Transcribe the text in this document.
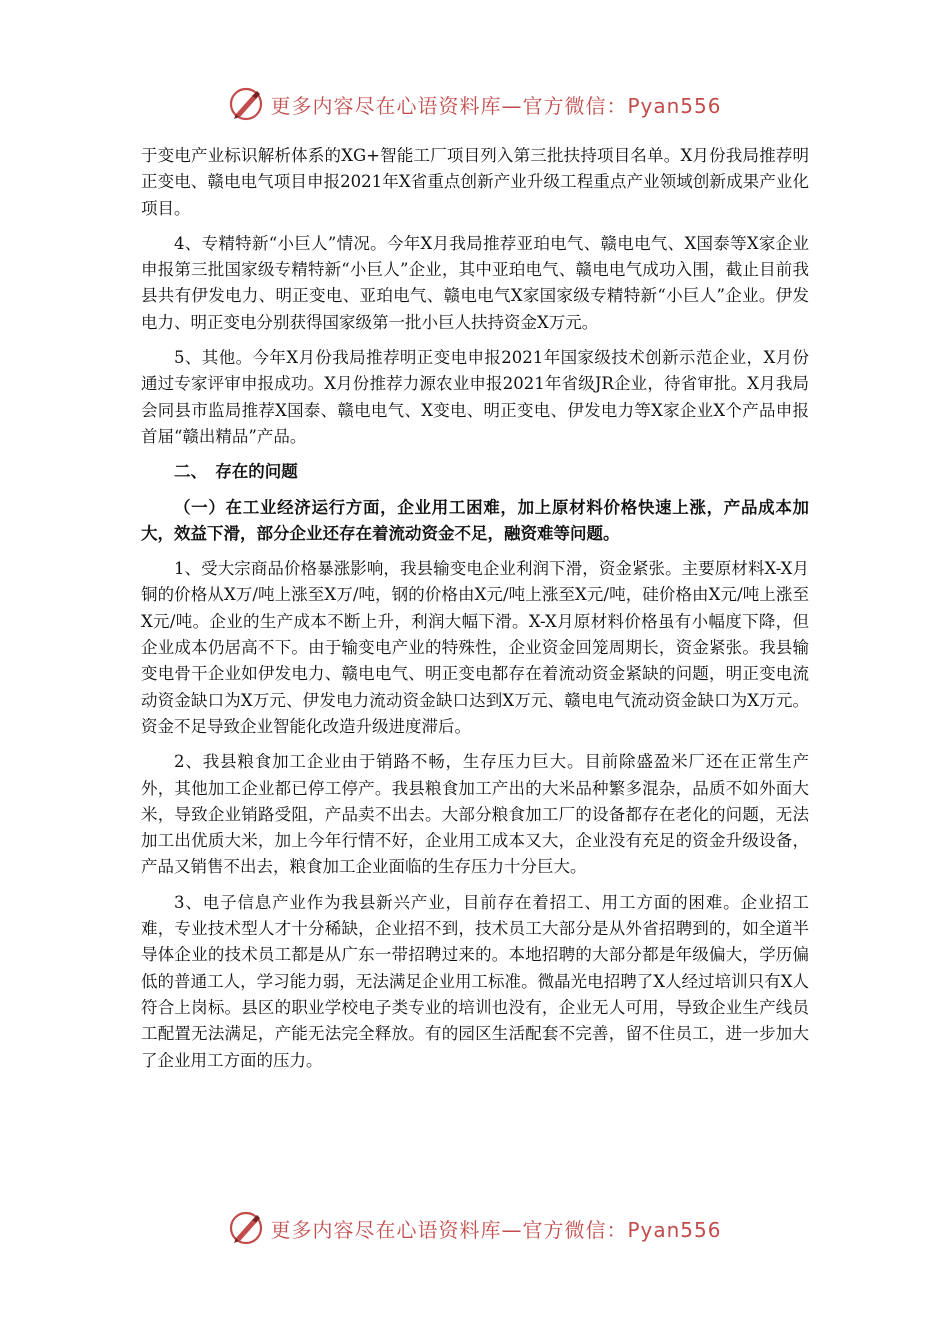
更多内容尽在心语资料库—官方微信：Pyan556

于变电产业标识解析体系的XG+智能工厂项目列入第三批扶持项目名单。X月份我局推荐明正变电、赣电电气项目申报2021年X省重点创新产业升级工程重点产业领域创新成果产业化项目。

4、专精特新“小巨人”情况。今年X月我局推荐亚珀电气、赣电电气、X国泰等X家企业申报第三批国家级专精特新“小巨人”企业，其中亚珀电气、赣电电气成功入围，截止目前我县共有伊发电力、明正变电、亚珀电气、赣电电气X家国家级专精特新“小巨人”企业。伊发电力、明正变电分别获得国家级第一批小巨人扶持资金X万元。

5、其他。今年X月份我局推荐明正变电申报2021年国家级技术创新示范企业，X月份通过专家评审申报成功。X月份推荐力源农业申报2021年省级JR企业，待省审批。X月我局会同县市监局推荐X国泰、赣电电气、X变电、明正变电、伊发电力等X家企业X个产品申报首届“赣出精品”产品。

二、　存在的问题

（一）在工业经济运行方面，企业用工困难，加上原材料价格快速上涨，产品成本加大，效益下滑，部分企业还存在着流动资金不足，融资难等问题。

1、受大宗商品价格暴涨影响，我县输变电企业利润下滑，资金紧张。主要原材料X-X月铜的价格从X万/吨上涨至X万/吨，钢的价格由X元/吨上涨至X元/吨，硅价格由X元/吨上涨至X元/吨。企业的生产成本不断上升，利润大幅下滑。X-X月原材料价格虽有小幅度下降，但企业成本仍居高不下。由于输变电产业的特殊性，企业资金回笼周期长，资金紧张。我县输变电骨干企业如伊发电力、赣电电气、明正变电都存在着流动资金紧缺的问题，明正变电流动资金缺口为X万元、伊发电力流动资金缺口达到X万元、赣电电气流动资金缺口为X万元。资金不足导致企业智能化改造升级进度滞后。

2、我县粮食加工企业由于销路不畅，生存压力巨大。目前除盛盈米厂还在正常生产外，其他加工企业都已停工停产。我县粮食加工产出的大米品种繁多混杂，品质不如外面大米，导致企业销路受阻，产品卖不出去。大部分粮食加工厂的设备都存在老化的问题，无法加工出优质大米，加上今年行情不好，企业用工成本又大，企业没有充足的资金升级设备，产品又销售不出去，粮食加工企业面临的生存压力十分巨大。

3、电子信息产业作为我县新兴产业，目前存在着招工、用工方面的困难。企业招工难，专业技术型人才十分稀缺，企业招不到，技术员工大部分是从外省招聘到的，如全道半导体企业的技术员工都是从广东一带招聘过来的。本地招聘的大部分都是年级偏大，学历偏低的普通工人，学习能力弱，无法满足企业用工标准。微晶光电招聘了X人经过培训只有X人符合上岗标。县区的职业学校电子类专业的培训也没有，企业无人可用，导致企业生产线员工配置无法满足，产能无法完全释放。有的园区生活配套不完善，留不住员工，进一步加大了企业用工方面的压力。

更多内容尽在心语资料库—官方微信：Pyan556
